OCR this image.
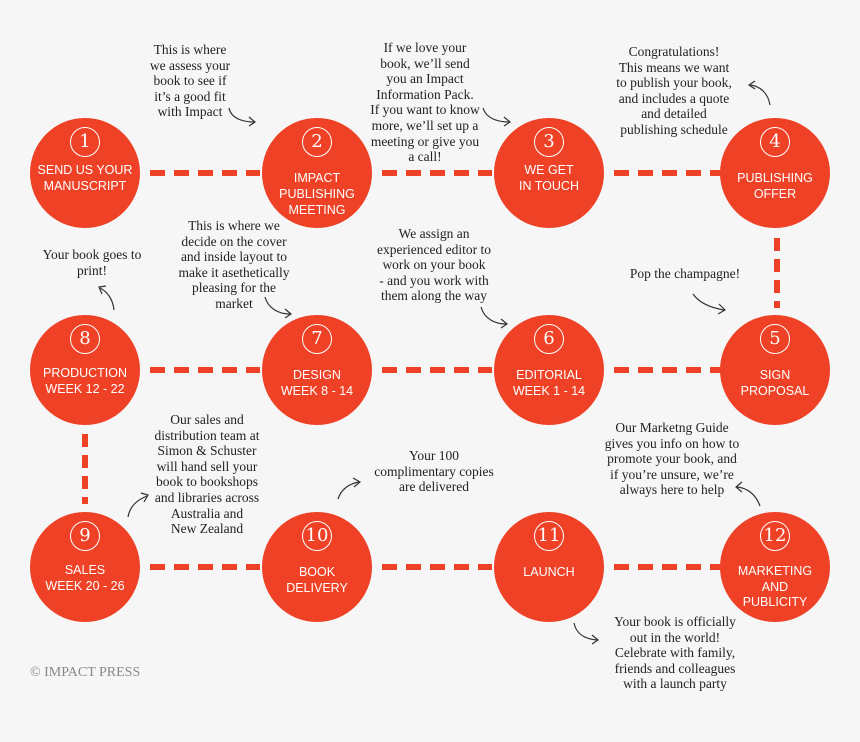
1
SEND US YOUR
MANUSCRIPT
2
IMPACT
PUBLISHING
MEETING
3
WE GET
IN TOUCH
4
PUBLISHING
OFFER
5
SIGN
PROPOSAL
6
EDITORIAL
WEEK 1 - 14
7
DESIGN
WEEK 8 - 14
8
PRODUCTION
WEEK 12 - 22
9
SALES
WEEK 20 - 26
10
BOOK
DELIVERY
11
LAUNCH
12
MARKETING
AND
PUBLICITY
This is where
we assess your
book to see if
it’s a good fit
with Impact
If we love your
book, we’ll send
you an Impact
Information Pack.
If you want to know
more, we’ll set up a
meeting or give you
a call!
Congratulations!
This means we want
to publish your book,
and includes a quote
and detailed
publishing schedule
Your book goes to
print!
This is where we
decide on the cover
and inside layout to
make it asethetically
pleasing for the
market
We assign an
experienced editor to
work on your book
- and you work with
them along the way
Pop the champagne!
Our sales and
distribution team at
Simon & Schuster
will hand sell your
book to bookshops
and libraries across
Australia and
New Zealand
Your 100
complimentary copies
are delivered
Our Marketng Guide
gives you info on how to
promote your book, and
if you’re unsure, we’re
always here to help
Your book is officially
out in the world!
Celebrate with family,
friends and colleagues
with a launch party
© IMPACT PRESS
